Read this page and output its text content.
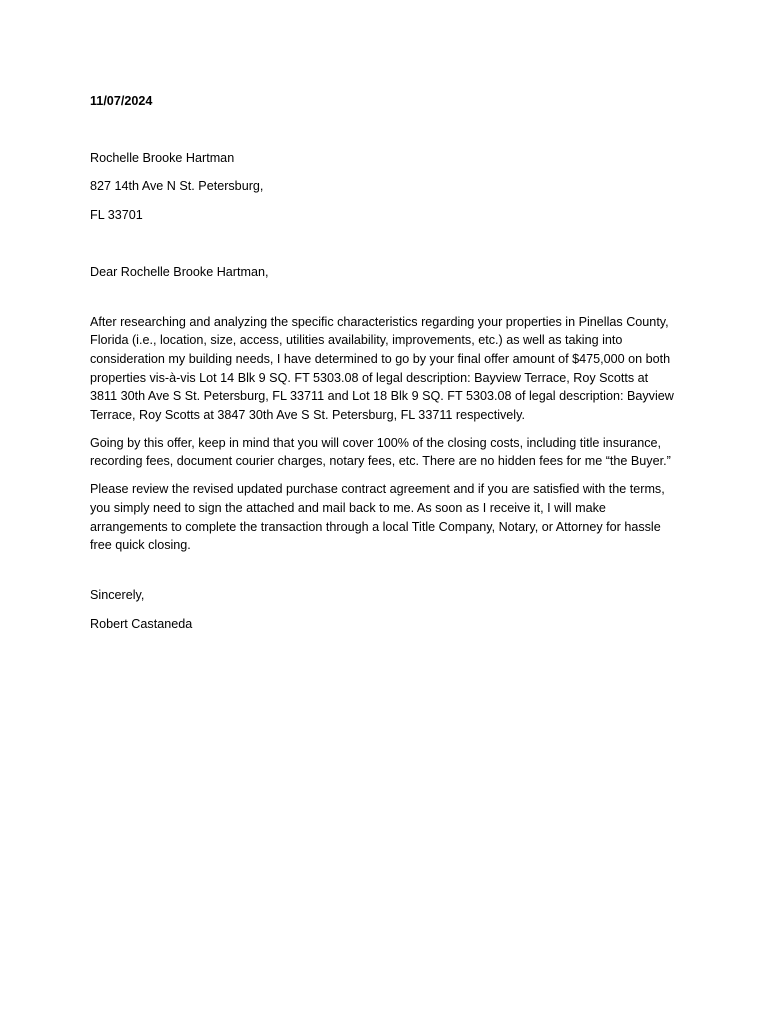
11/07/2024

Rochelle Brooke Hartman

827 14th Ave N St. Petersburg,

FL 33701

Dear Rochelle Brooke Hartman,

After researching and analyzing the specific characteristics regarding your properties in Pinellas County, Florida (i.e., location, size, access, utilities availability, improvements, etc.) as well as taking into consideration my building needs, I have determined to go by your final offer amount of $475,000 on both properties vis-à-vis Lot 14 Blk 9 SQ. FT 5303.08 of legal description: Bayview Terrace, Roy Scotts at 3811 30th Ave S St. Petersburg, FL 33711 and Lot 18 Blk 9 SQ. FT 5303.08 of legal description: Bayview Terrace, Roy Scotts at 3847 30th Ave S St. Petersburg, FL 33711 respectively.

Going by this offer, keep in mind that you will cover 100% of the closing costs, including title insurance, recording fees, document courier charges, notary fees, etc. There are no hidden fees for me “the Buyer.”

Please review the revised updated purchase contract agreement and if you are satisfied with the terms, you simply need to sign the attached and mail back to me. As soon as I receive it, I will make arrangements to complete the transaction through a local Title Company, Notary, or Attorney for hassle free quick closing.

Sincerely,

Robert Castaneda
